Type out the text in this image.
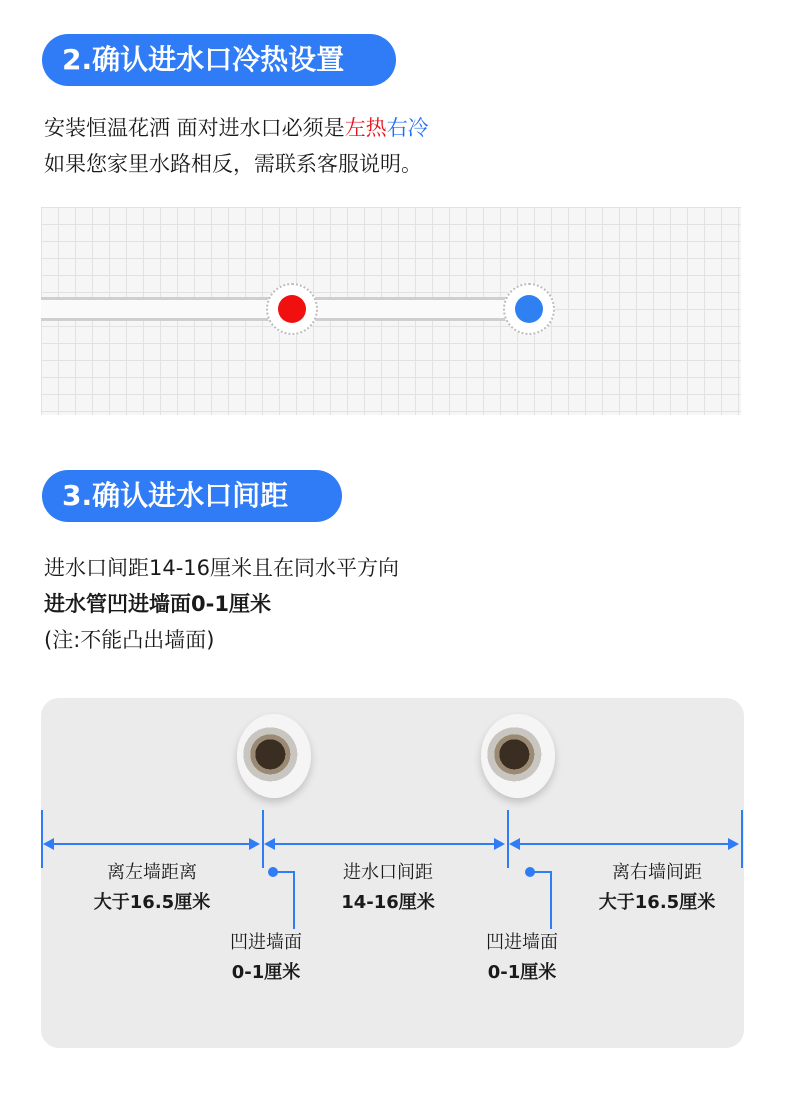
2.确认进水口冷热设置
安装恒温花洒 面对进水口必须是左热右冷
如果您家里水路相反，需联系客服说明。
3.确认进水口间距
进水口间距14-16厘米且在同水平方向
进水管凹进墙面0-1厘米
(注:不能凸出墙面)
离左墙距离
大于16.5厘米
进水口间距
14-16厘米
离右墙间距
大于16.5厘米
凹进墙面
0-1厘米
凹进墙面
0-1厘米
